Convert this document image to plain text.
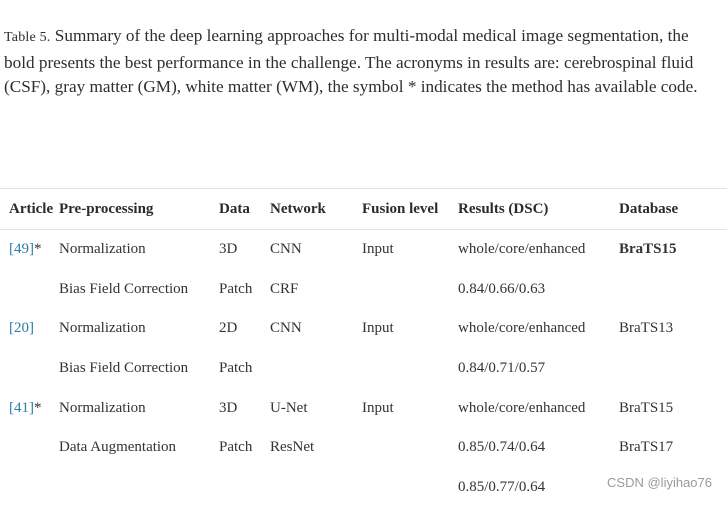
Table 5. Summary of the deep learning approaches for multi-modal medical image segmentation, the bold presents the best performance in the challenge. The acronyms in results are: cerebrospinal fluid (CSF), gray matter (GM), white matter (WM), the symbol * indicates the method has available code.
Article	Pre-processing	Data	Network	Fusion level	Results (DSC)	Database
[49]*	Normalization	3D	CNN	Input	whole/core/enhanced	BraTS15
	Bias Field Correction	Patch	CRF		0.84/0.66/0.63	
[20]	Normalization	2D	CNN	Input	whole/core/enhanced	BraTS13
	Bias Field Correction	Patch			0.84/0.71/0.57	
[41]*	Normalization	3D	U-Net	Input	whole/core/enhanced	BraTS15
	Data Augmentation	Patch	ResNet		0.85/0.74/0.64	BraTS17
					0.85/0.77/0.64		CSDN @liyihao76
